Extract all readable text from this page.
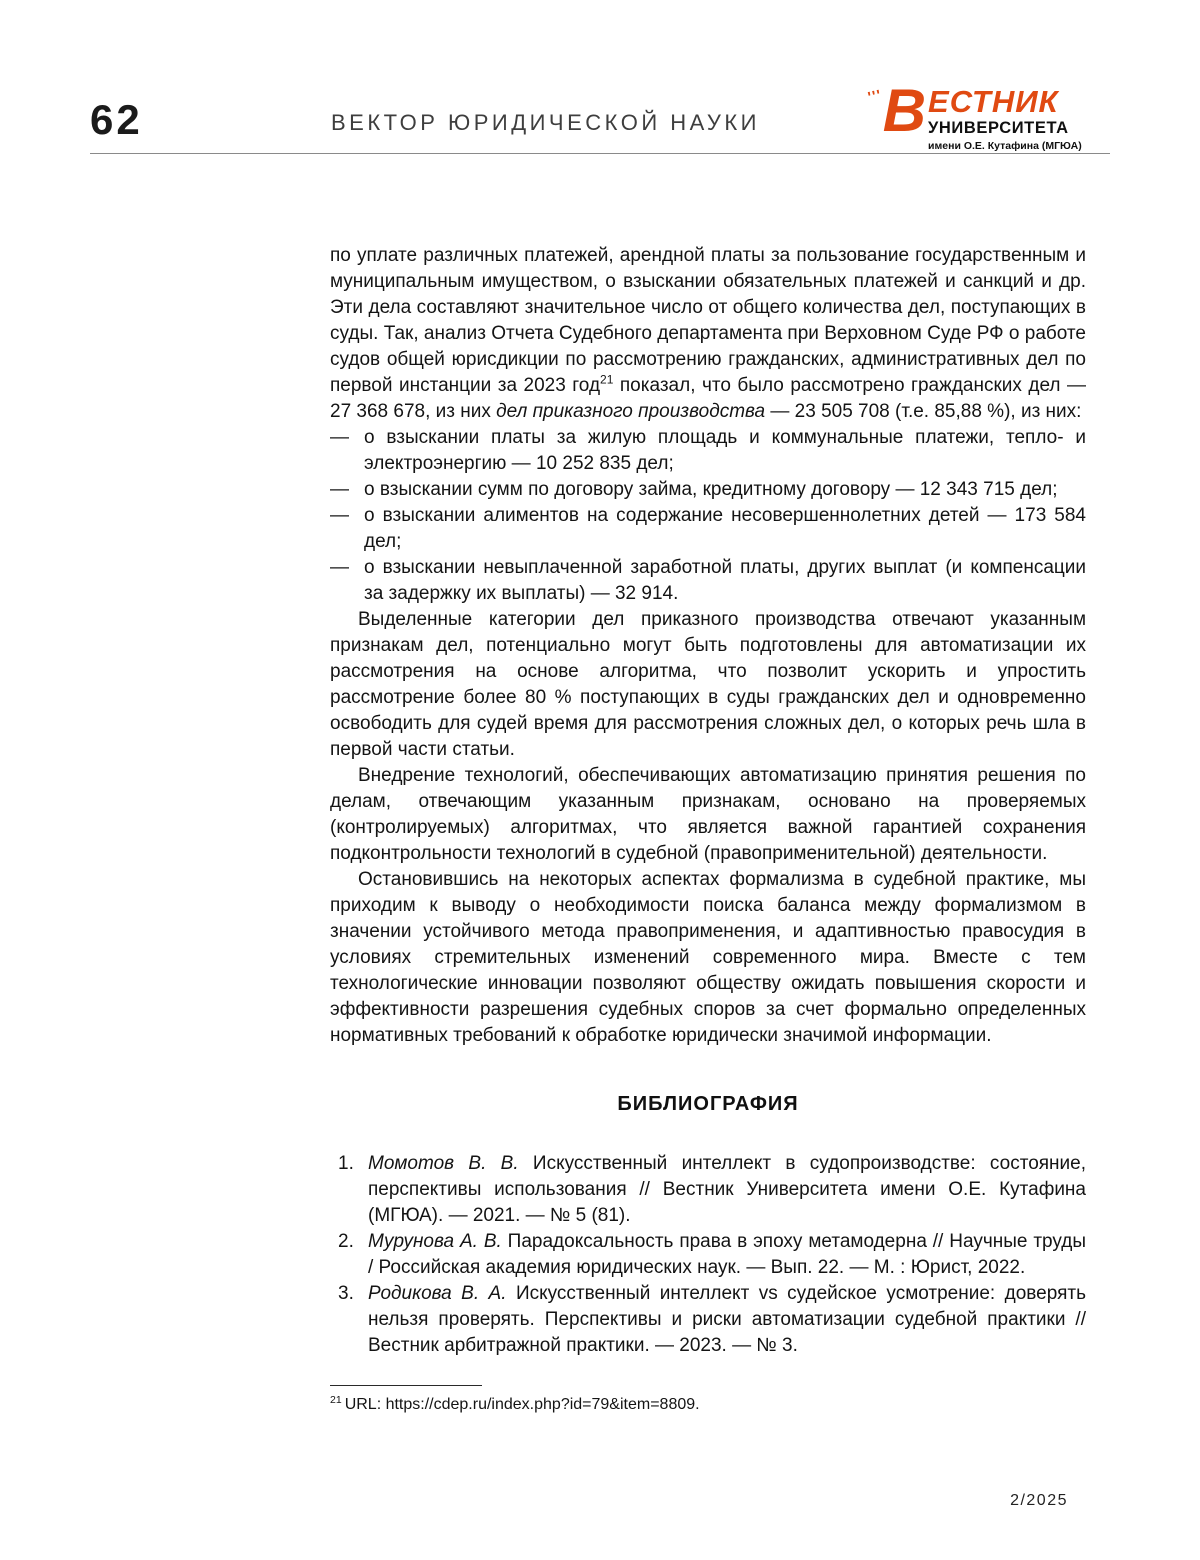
62	ВЕКТОР ЮРИДИЧЕСКОЙ НАУКИ
''' В ЕСТНИК
УНИВЕРСИТЕТА
имени О.Е. Кутафина (МГЮА)

по уплате различных платежей, арендной платы за пользование государственным и муниципальным имуществом, о взыскании обязательных платежей и санкций и др. Эти дела составляют значительное число от общего количества дел, поступающих в суды. Так, анализ Отчета Судебного департамента при Верховном Суде РФ о работе судов общей юрисдикции по рассмотрению гражданских, административных дел по первой инстанции за 2023 год$^{21}$ показал, что было рассмотрено гражданских дел — 27 368 678, из них дел приказного производства — 23 505 708 (т.е. 85,88 %), из них:

— о взыскании платы за жилую площадь и коммунальные платежи, тепло- и электроэнергию — 10 252 835 дел;
— о взыскании сумм по договору займа, кредитному договору — 12 343 715 дел;
— о взыскании алиментов на содержание несовершеннолетних детей — 173 584 дел;
— о взыскании невыплаченной заработной платы, других выплат (и компенсации за задержку их выплаты) — 32 914.

Выделенные категории дел приказного производства отвечают указанным признакам дел, потенциально могут быть подготовлены для автоматизации их рассмотрения на основе алгоритма, что позволит ускорить и упростить рассмотрение более 80 % поступающих в суды гражданских дел и одновременно освободить для судей время для рассмотрения сложных дел, о которых речь шла в первой части статьи.

Внедрение технологий, обеспечивающих автоматизацию принятия решения по делам, отвечающим указанным признакам, основано на проверяемых (контролируемых) алгоритмах, что является важной гарантией сохранения подконтрольности технологий в судебной (правоприменительной) деятельности.

Остановившись на некоторых аспектах формализма в судебной практике, мы приходим к выводу о необходимости поиска баланса между формализмом в значении устойчивого метода правоприменения, и адаптивностью правосудия в условиях стремительных изменений современного мира. Вместе с тем технологические инновации позволяют обществу ожидать повышения скорости и эффективности разрешения судебных споров за счет формально определенных нормативных требований к обработке юридически значимой информации.

БИБЛИОГРАФИЯ
1. Момотов В. В. Искусственный интеллект в судопроизводстве: состояние, перспективы использования // Вестник Университета имени О.Е. Кутафина (МГЮА). — 2021. — № 5 (81).
2. Мурунова А. В. Парадоксальность права в эпоху метамодерна // Научные труды / Российская академия юридических наук. — Вып. 22. — М. : Юрист, 2022.
3. Родикова В. А. Искусственный интеллект vs судейское усмотрение: доверять нельзя проверять. Перспективы и риски автоматизации судебной практики // Вестник арбитражной практики. — 2023. — № 3.

$^{21}$ URL: https://cdep.ru/index.php?id=79&item=8809.

2/2025
